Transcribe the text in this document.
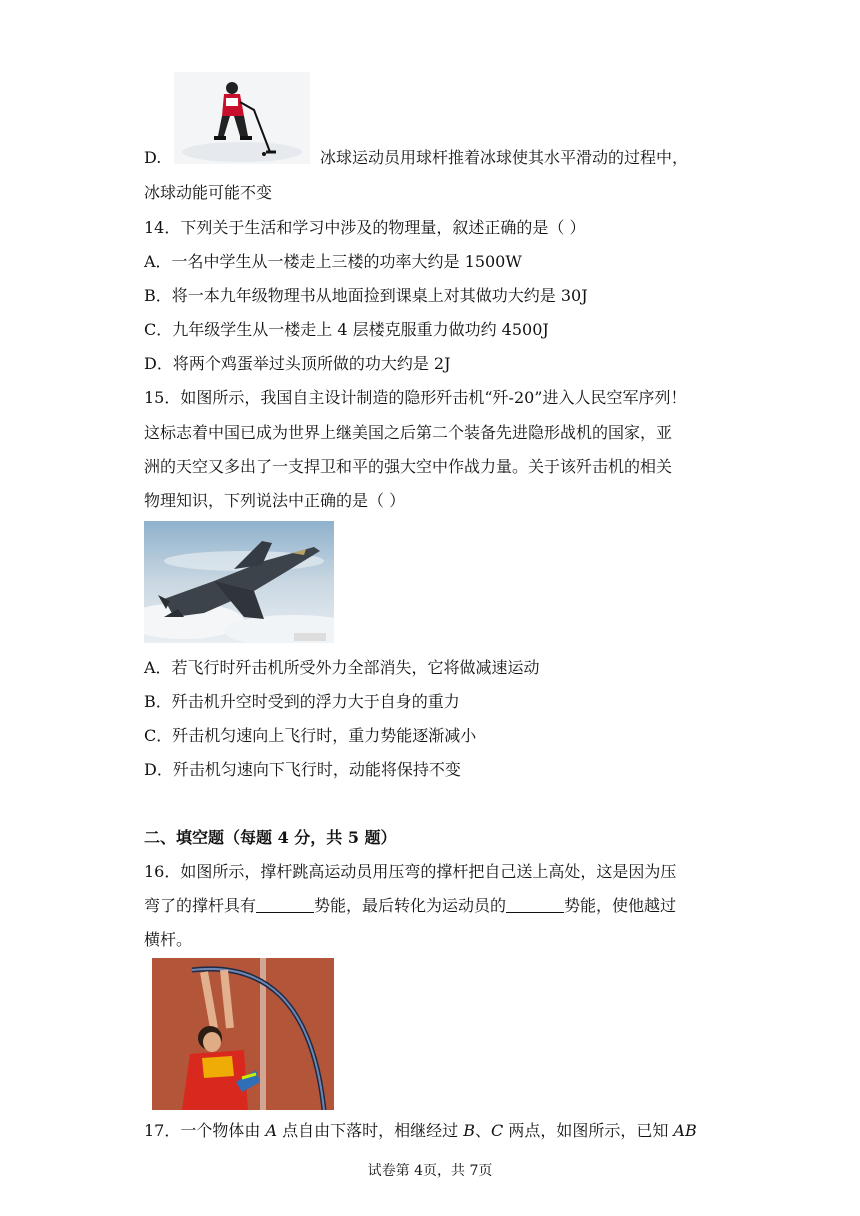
D.	冰球运动员用球杆推着冰球使其水平滑动的过程中，
冰球动能可能不变
14．下列关于生活和学习中涉及的物理量，叙述正确的是（ ）
A．一名中学生从一楼走上三楼的功率大约是 1500W
B．将一本九年级物理书从地面捡到课桌上对其做功大约是 30J
C．九年级学生从一楼走上 4 层楼克服重力做功约 4500J
D．将两个鸡蛋举过头顶所做的功大约是 2J
15．如图所示，我国自主设计制造的隐形歼击机“歼-20”进入人民空军序列！
这标志着中国已成为世界上继美国之后第二个装备先进隐形战机的国家，亚
洲的天空又多出了一支捍卫和平的强大空中作战力量。关于该歼击机的相关
物理知识，下列说法中正确的是（ ）
A．若飞行时歼击机所受外力全部消失，它将做减速运动
B．歼击机升空时受到的浮力大于自身的重力
C．歼击机匀速向上飞行时，重力势能逐渐减小
D．歼击机匀速向下飞行时，动能将保持不变
二、填空题（每题 4 分，共 5 题）
16．如图所示，撑杆跳高运动员用压弯的撑杆把自己送上高处，这是因为压
弯了的撑杆具有	势能，最后转化为运动员的	势能，使他越过
横杆。
17．一个物体由 A 点自由下落时，相继经过 B、C 两点，如图所示，已知 AB
试卷第 4页，共 7页
